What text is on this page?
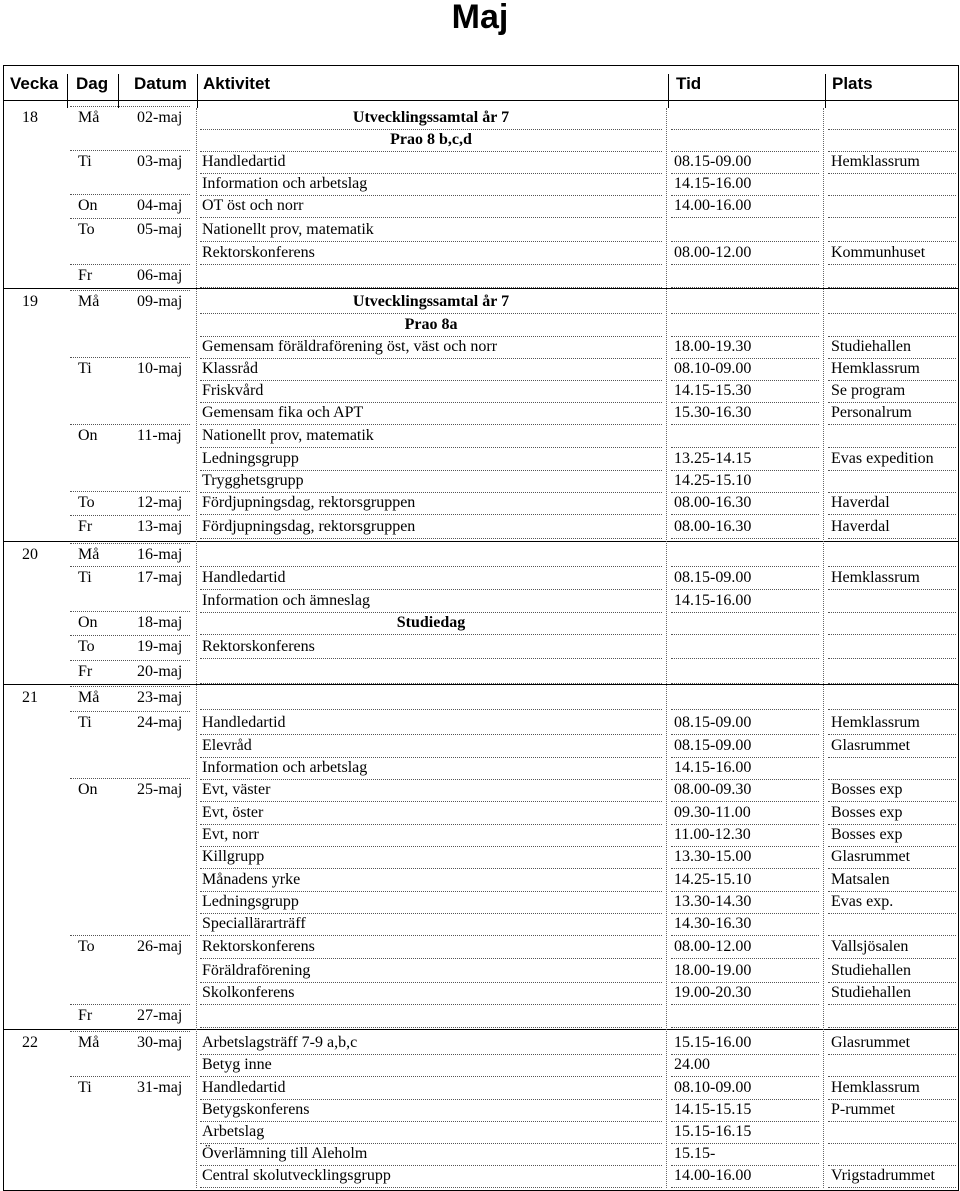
Maj
Vecka Dag Datum Aktivitet	Tid	Plats
18	Må	02-maj	Utvecklingssamtal år 7
Prao 8 b,c,d
Ti	03-maj	Handledartid	08.15-09.00	Hemklassrum
Information och arbetslag	14.15-16.00
On	04-maj	OT öst och norr	14.00-16.00
To	05-maj	Nationellt prov, matematik
Rektorskonferens	08.00-12.00	Kommunhuset
Fr	06-maj
19	Må	09-maj	Utvecklingssamtal år 7
Prao 8a
Gemensam föräldraförening öst, väst och norr	18.00-19.30	Studiehallen
Ti	10-maj	Klassråd	08.10-09.00	Hemklassrum
Friskvård	14.15-15.30	Se program
Gemensam fika och APT	15.30-16.30	Personalrum
On	11-maj	Nationellt prov, matematik
Ledningsgrupp	13.25-14.15	Evas expedition
Trygghetsgrupp	14.25-15.10
To	12-maj	Fördjupningsdag, rektorsgruppen	08.00-16.30	Haverdal
Fr	13-maj	Fördjupningsdag, rektorsgruppen	08.00-16.30	Haverdal
20	Må	16-maj
Ti	17-maj	Handledartid	08.15-09.00	Hemklassrum
Information och ämneslag	14.15-16.00
On	18-maj	Studiedag
To	19-maj	Rektorskonferens
Fr	20-maj
21	Må	23-maj
Ti	24-maj	Handledartid	08.15-09.00	Hemklassrum
Elevråd	08.15-09.00	Glasrummet
Information och arbetslag	14.15-16.00
On	25-maj	Evt, väster	08.00-09.30	Bosses exp
Evt, öster	09.30-11.00	Bosses exp
Evt, norr	11.00-12.30	Bosses exp
Killgrupp	13.30-15.00	Glasrummet
Månadens yrke	14.25-15.10	Matsalen
Ledningsgrupp	13.30-14.30	Evas exp.
Speciallärarträff	14.30-16.30
To	26-maj	Rektorskonferens	08.00-12.00	Vallsjösalen
Föräldraförening	18.00-19.00	Studiehallen
Skolkonferens	19.00-20.30	Studiehallen
Fr	27-maj
22	Må	30-maj	Arbetslagsträff 7-9 a,b,c	15.15-16.00	Glasrummet
Betyg inne	24.00
Ti	31-maj	Handledartid	08.10-09.00	Hemklassrum
Betygskonferens	14.15-15.15	P-rummet
Arbetslag	15.15-16.15
Överlämning till Aleholm	15.15-
Central skolutvecklingsgrupp	14.00-16.00	Vrigstadrummet
